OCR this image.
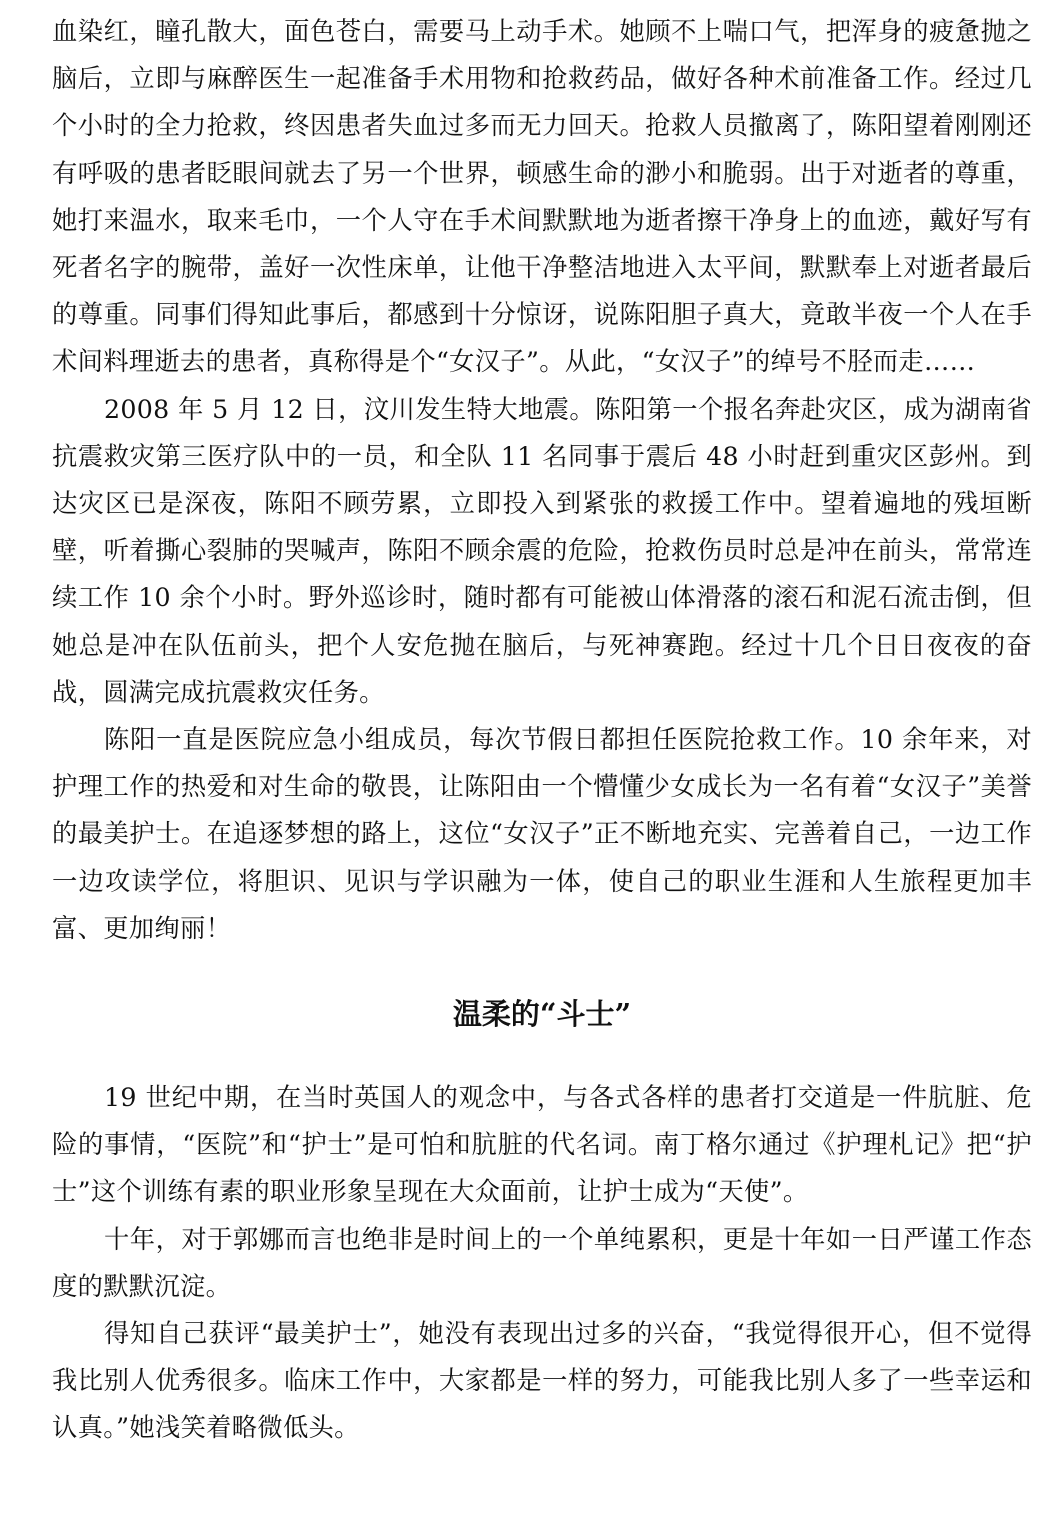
血染红，瞳孔散大，面色苍白，需要马上动手术。她顾不上喘口气，把浑身的疲惫抛之脑后，立即与麻醉医生一起准备手术用物和抢救药品，做好各种术前准备工作。经过几个小时的全力抢救，终因患者失血过多而无力回天。抢救人员撤离了，陈阳望着刚刚还有呼吸的患者眨眼间就去了另一个世界，顿感生命的渺小和脆弱。出于对逝者的尊重，她打来温水，取来毛巾，一个人守在手术间默默地为逝者擦干净身上的血迹，戴好写有死者名字的腕带，盖好一次性床单，让他干净整洁地进入太平间，默默奉上对逝者最后的尊重。同事们得知此事后，都感到十分惊讶，说陈阳胆子真大，竟敢半夜一个人在手术间料理逝去的患者，真称得是个“女汉子”。从此，“女汉子”的绰号不胫而走……

2008 年 5 月 12 日，汶川发生特大地震。陈阳第一个报名奔赴灾区，成为湖南省抗震救灾第三医疗队中的一员，和全队 11 名同事于震后 48 小时赶到重灾区彭州。到达灾区已是深夜，陈阳不顾劳累，立即投入到紧张的救援工作中。望着遍地的残垣断壁，听着撕心裂肺的哭喊声，陈阳不顾余震的危险，抢救伤员时总是冲在前头，常常连续工作 10 余个小时。野外巡诊时，随时都有可能被山体滑落的滚石和泥石流击倒，但她总是冲在队伍前头，把个人安危抛在脑后，与死神赛跑。经过十几个日日夜夜的奋战，圆满完成抗震救灾任务。

陈阳一直是医院应急小组成员，每次节假日都担任医院抢救工作。10 余年来，对护理工作的热爱和对生命的敬畏，让陈阳由一个懵懂少女成长为一名有着“女汉子”美誉的最美护士。在追逐梦想的路上，这位“女汉子”正不断地充实、完善着自己，一边工作一边攻读学位，将胆识、见识与学识融为一体，使自己的职业生涯和人生旅程更加丰富、更加绚丽！

温柔的“斗士”

19 世纪中期，在当时英国人的观念中，与各式各样的患者打交道是一件肮脏、危险的事情，“医院”和“护士”是可怕和肮脏的代名词。南丁格尔通过《护理札记》把“护士”这个训练有素的职业形象呈现在大众面前，让护士成为“天使”。

十年，对于郭娜而言也绝非是时间上的一个单纯累积，更是十年如一日严谨工作态度的默默沉淀。

得知自己获评“最美护士”，她没有表现出过多的兴奋，“我觉得很开心，但不觉得我比别人优秀很多。临床工作中，大家都是一样的努力，可能我比别人多了一些幸运和认真。”她浅笑着略微低头。
